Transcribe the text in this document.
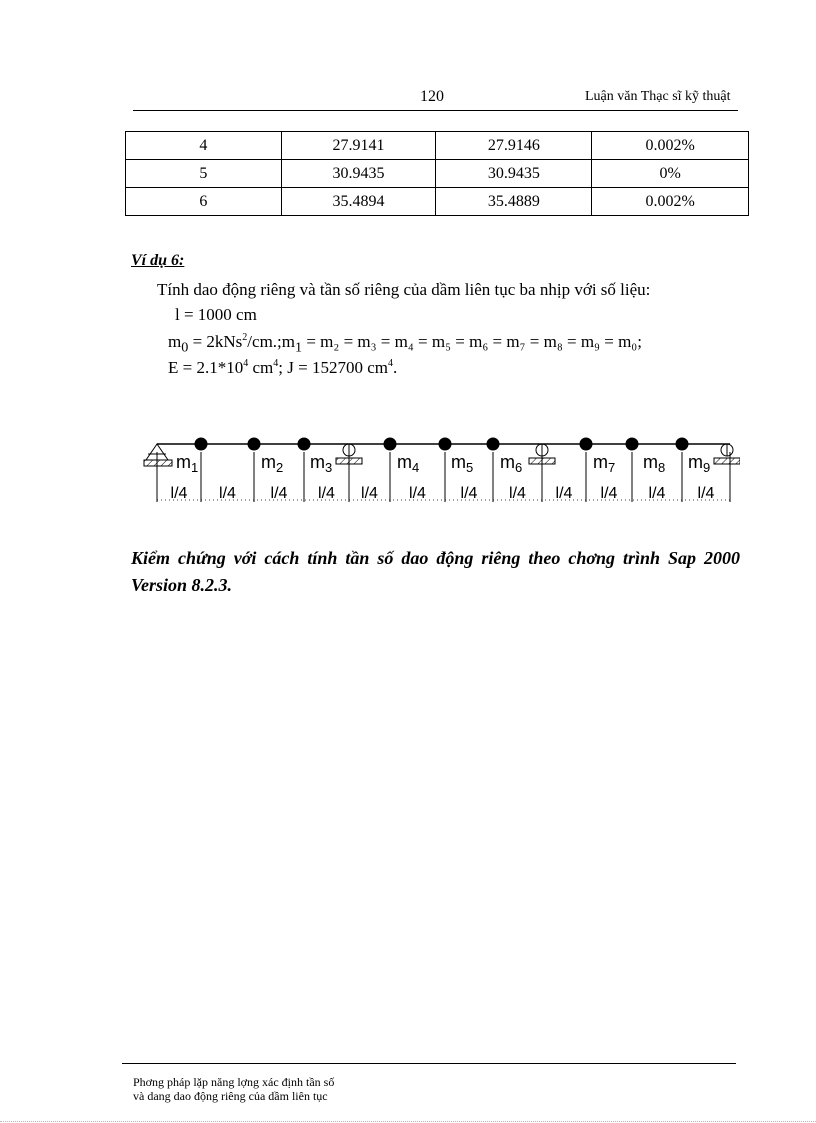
120	Luận văn Thạc sĩ kỹ thuật
4	27.9141	27.9146	0.002%
5	30.9435	30.9435	0%
6	35.4894	35.4889	0.002%
Ví dụ 6:
Tính dao động riêng và tần số riêng của dầm liên tục ba nhịp với số liệu:
l = 1000 cm
$m_0$ = $2kNs^2/cm.;m_1 = m_2 = m_3 = m_4 = m_5 = m_6 = m_7 = m_8 = m_9 = m_0$;
$E = 2.1*10^4$ $cm^4$; J = 152700 $cm^4$.
$m_1$	$m_2$ $m_3$	$m_4$ $m_5$ $m_6$	$m_7$ $m_8$ $m_9$
l/4 l/4 l/4 l/4 l/4 l/4 l/4 l/4 l/4 l/4 l/4 l/4
Kiểm chứng với cách tính tần số dao động riêng theo chơng trình Sap 2000 Version 8.2.3.
Phơng pháp lặp năng lợng xác định tần số
và dang dao động riêng của dầm liên tục
